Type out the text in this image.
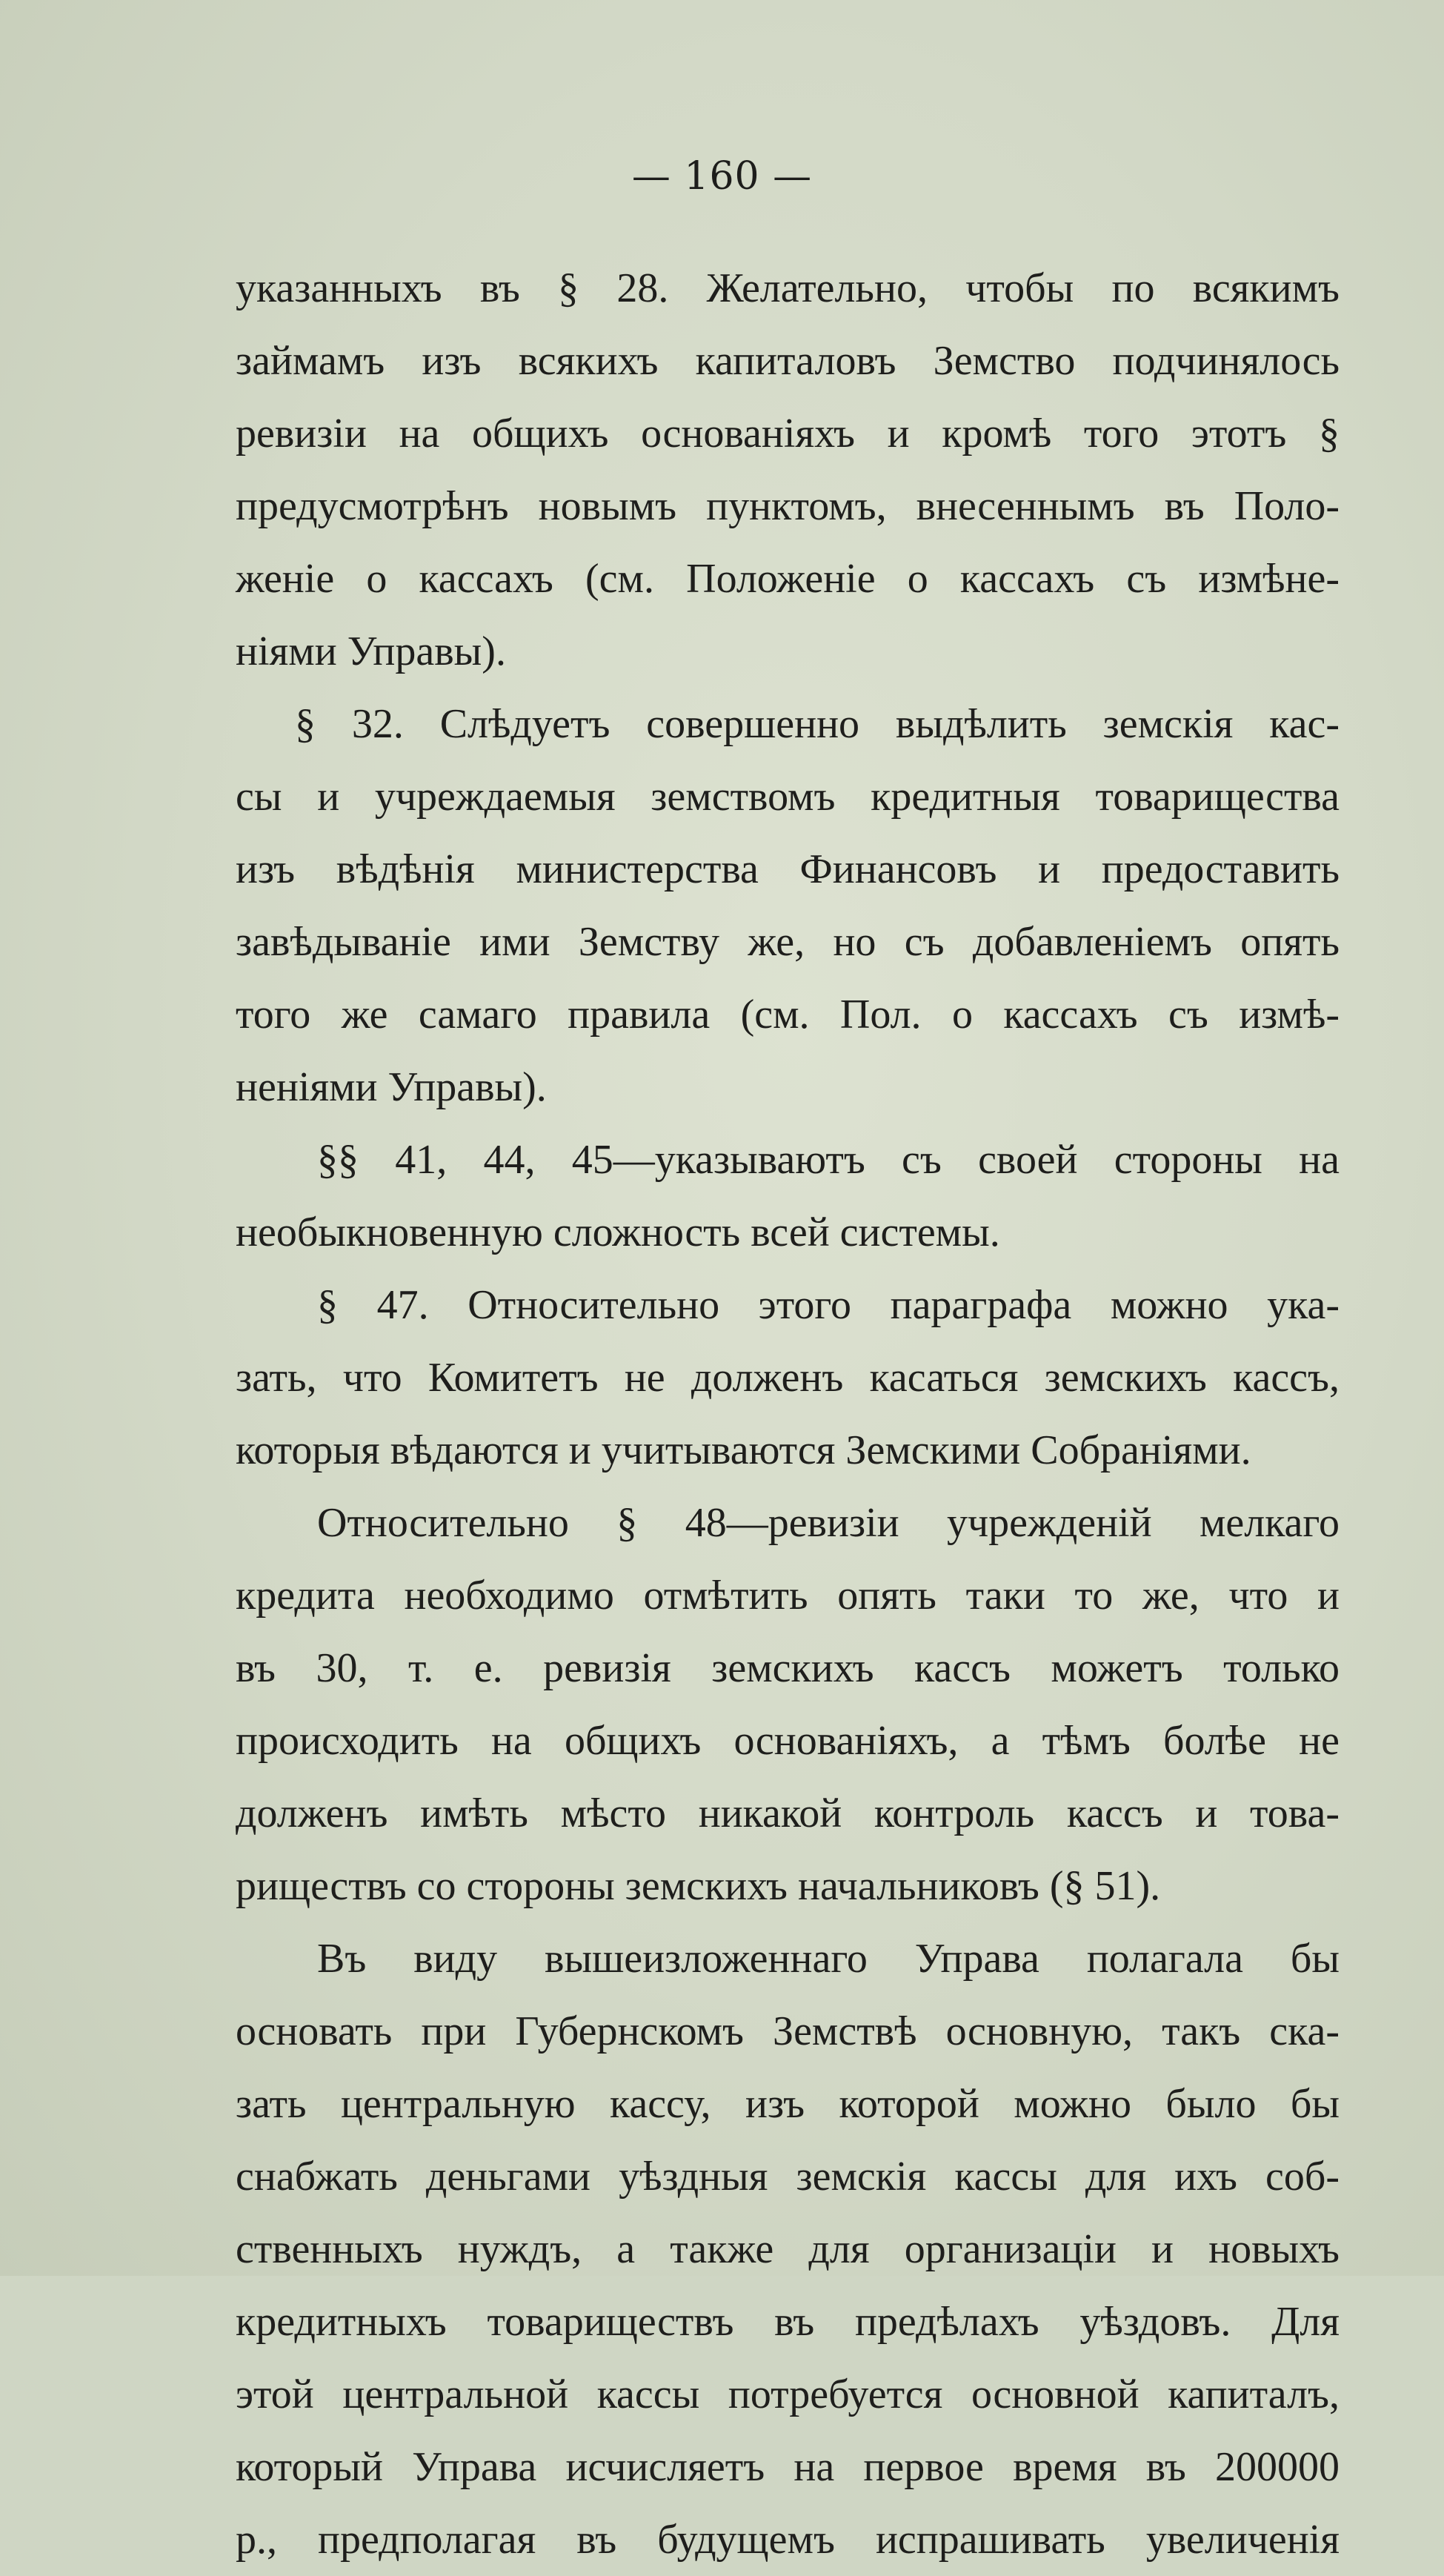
— 160 —
указанныхъ въ § 28. Желательно, чтобы по всякимъ
займамъ изъ всякихъ капиталовъ Земство подчинялось
ревизіи на общихъ основаніяхъ и кромѣ того этотъ §
предусмотрѣнъ новымъ пунктомъ, внесеннымъ въ Поло-
женіе о кассахъ (см. Положеніе о кассахъ съ измѣне-
ніями Управы).
§ 32. Слѣдуетъ совершенно выдѣлить земскія кас-
сы и учреждаемыя земствомъ кредитныя товарищества
изъ вѣдѣнія министерства Финансовъ и предоставить
завѣдываніе ими Земству же, но съ добавленіемъ опять
того же самаго правила (см. Пол. о кассахъ съ измѣ-
неніями Управы).
§§ 41, 44, 45—указываютъ съ своей стороны на
необыкновенную сложность всей системы.
§ 47. Относительно этого параграфа можно ука-
зать, что Комитетъ не долженъ касаться земскихъ кассъ,
которыя вѣдаются и учитываются Земскими Собраніями.
Относительно § 48—ревизіи учрежденій мелкаго
кредита необходимо отмѣтить опять таки то же, что и
въ 30, т. е. ревизія земскихъ кассъ можетъ только
происходить на общихъ основаніяхъ, а тѣмъ болѣе не
долженъ имѣть мѣсто никакой контроль кассъ и това-
риществъ со стороны земскихъ начальниковъ (§ 51).
Въ виду вышеизложеннаго Управа полагала бы
основать при Губернскомъ Земствѣ основную, такъ ска-
зать центральную кассу, изъ которой можно было бы
снабжать деньгами уѣздныя земскія кассы для ихъ соб-
ственныхъ нуждъ, а также для организаціи и новыхъ
кредитныхъ товариществъ въ предѣлахъ уѣздовъ. Для
этой центральной кассы потребуется основной капиталъ,
который Управа исчисляетъ на первое время въ 200000
р., предполагая въ будущемъ испрашивать увеличенія
